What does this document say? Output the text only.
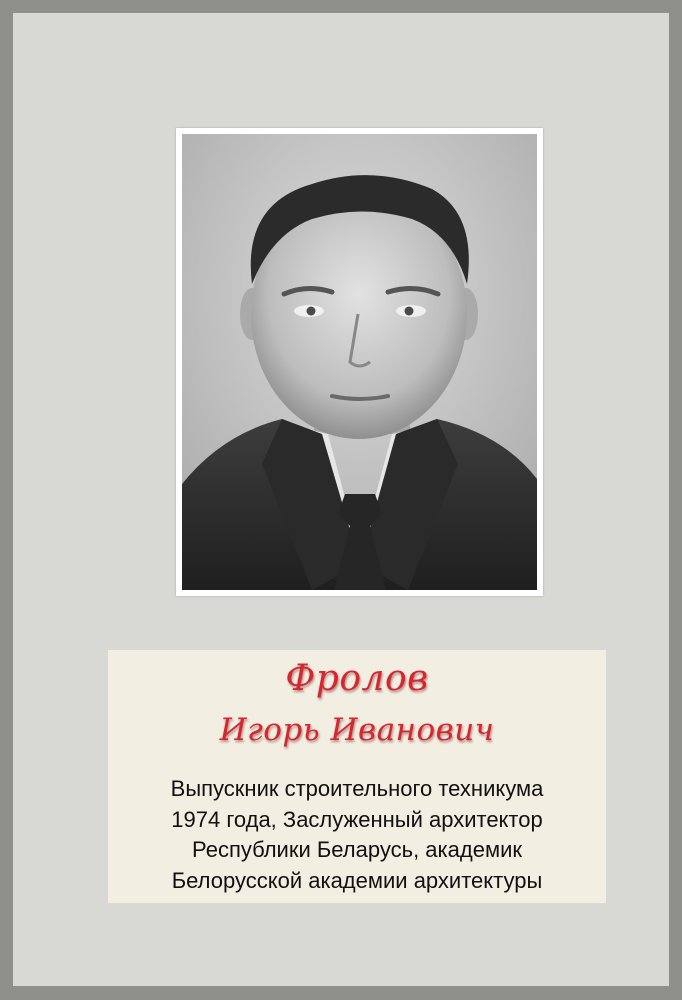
Фролов
Игорь Иванович
Выпускник строительного техникума
1974 года, Заслуженный архитектор
Республики Беларусь, академик
Белорусской академии архитектуры
